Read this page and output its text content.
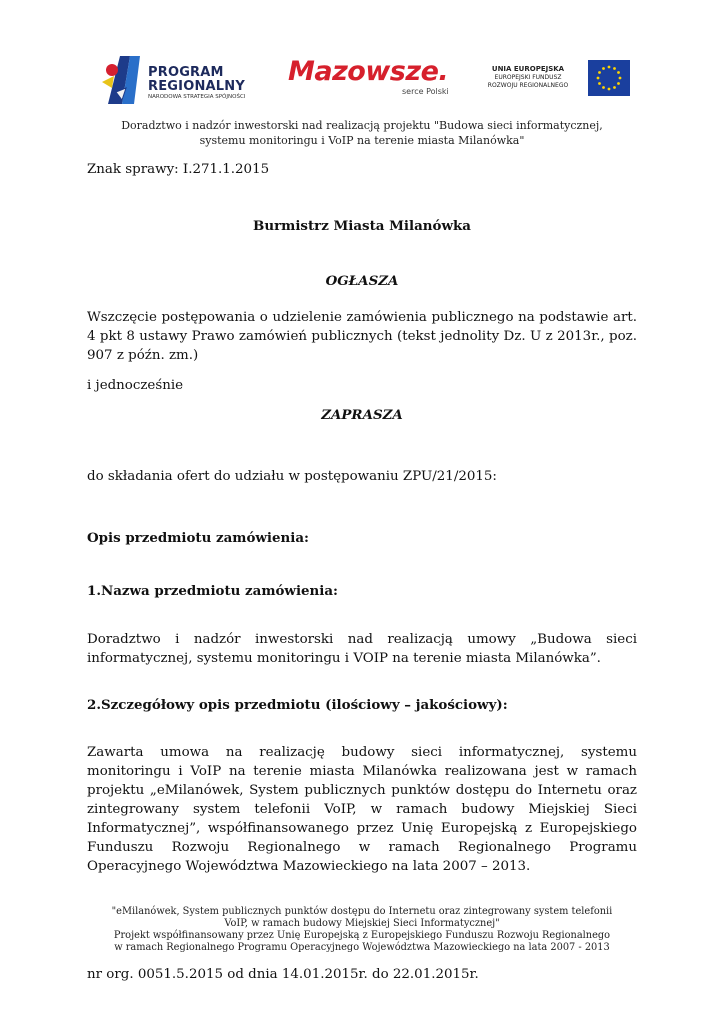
PROGRAM
REGIONALNY
NARODOWA STRATEGIA SPÓJNOŚCI
Mazowsze.
serce Polski
UNIA EUROPEJSKA
EUROPEJSKI FUNDUSZ
ROZWOJU REGIONALNEGO
Doradztwo i nadzór inwestorski nad realizacją projektu "Budowa sieci informatycznej, systemu monitoringu i VoIP na terenie miasta Milanówka"
Znak sprawy: I.271.1.2015
Burmistrz Miasta Milanówka
OGŁASZA
Wszczęcie postępowania o udzielenie zamówienia publicznego na podstawie art. 4 pkt 8 ustawy Prawo zamówień publicznych (tekst jednolity Dz. U z 2013r., poz. 907 z późn. zm.)
i jednocześnie
ZAPRASZA
do składania ofert do udziału w postępowaniu ZPU/21/2015:
Opis przedmiotu zamówienia:
1.Nazwa przedmiotu zamówienia:
Doradztwo i nadzór inwestorski nad realizacją umowy „Budowa sieci informatycznej, systemu monitoringu i VOIP na terenie miasta Milanówka”.
2.Szczegółowy opis przedmiotu (ilościowy – jakościowy):
Zawarta umowa na realizację budowy sieci informatycznej, systemu monitoringu i VoIP na terenie miasta Milanówka realizowana jest w ramach projektu „eMilanówek, System publicznych punktów dostępu do Internetu oraz zintegrowany system telefonii VoIP, w ramach budowy Miejskiej Sieci Informatycznej”, współfinansowanego przez Unię Europejską z Europejskiego Funduszu Rozwoju Regionalnego w ramach Regionalnego Programu Operacyjnego Województwa Mazowieckiego na lata 2007 – 2013.
"eMilanówek, System publicznych punktów dostępu do Internetu oraz zintegrowany system telefonii VoIP, w ramach budowy Miejskiej Sieci Informatycznej"
Projekt współfinansowany przez Unię Europejską z Europejskiego Funduszu Rozwoju Regionalnego
w ramach Regionalnego Programu Operacyjnego Województwa Mazowieckiego na lata 2007 - 2013
nr org. 0051.5.2015 od dnia 14.01.2015r. do 22.01.2015r.
